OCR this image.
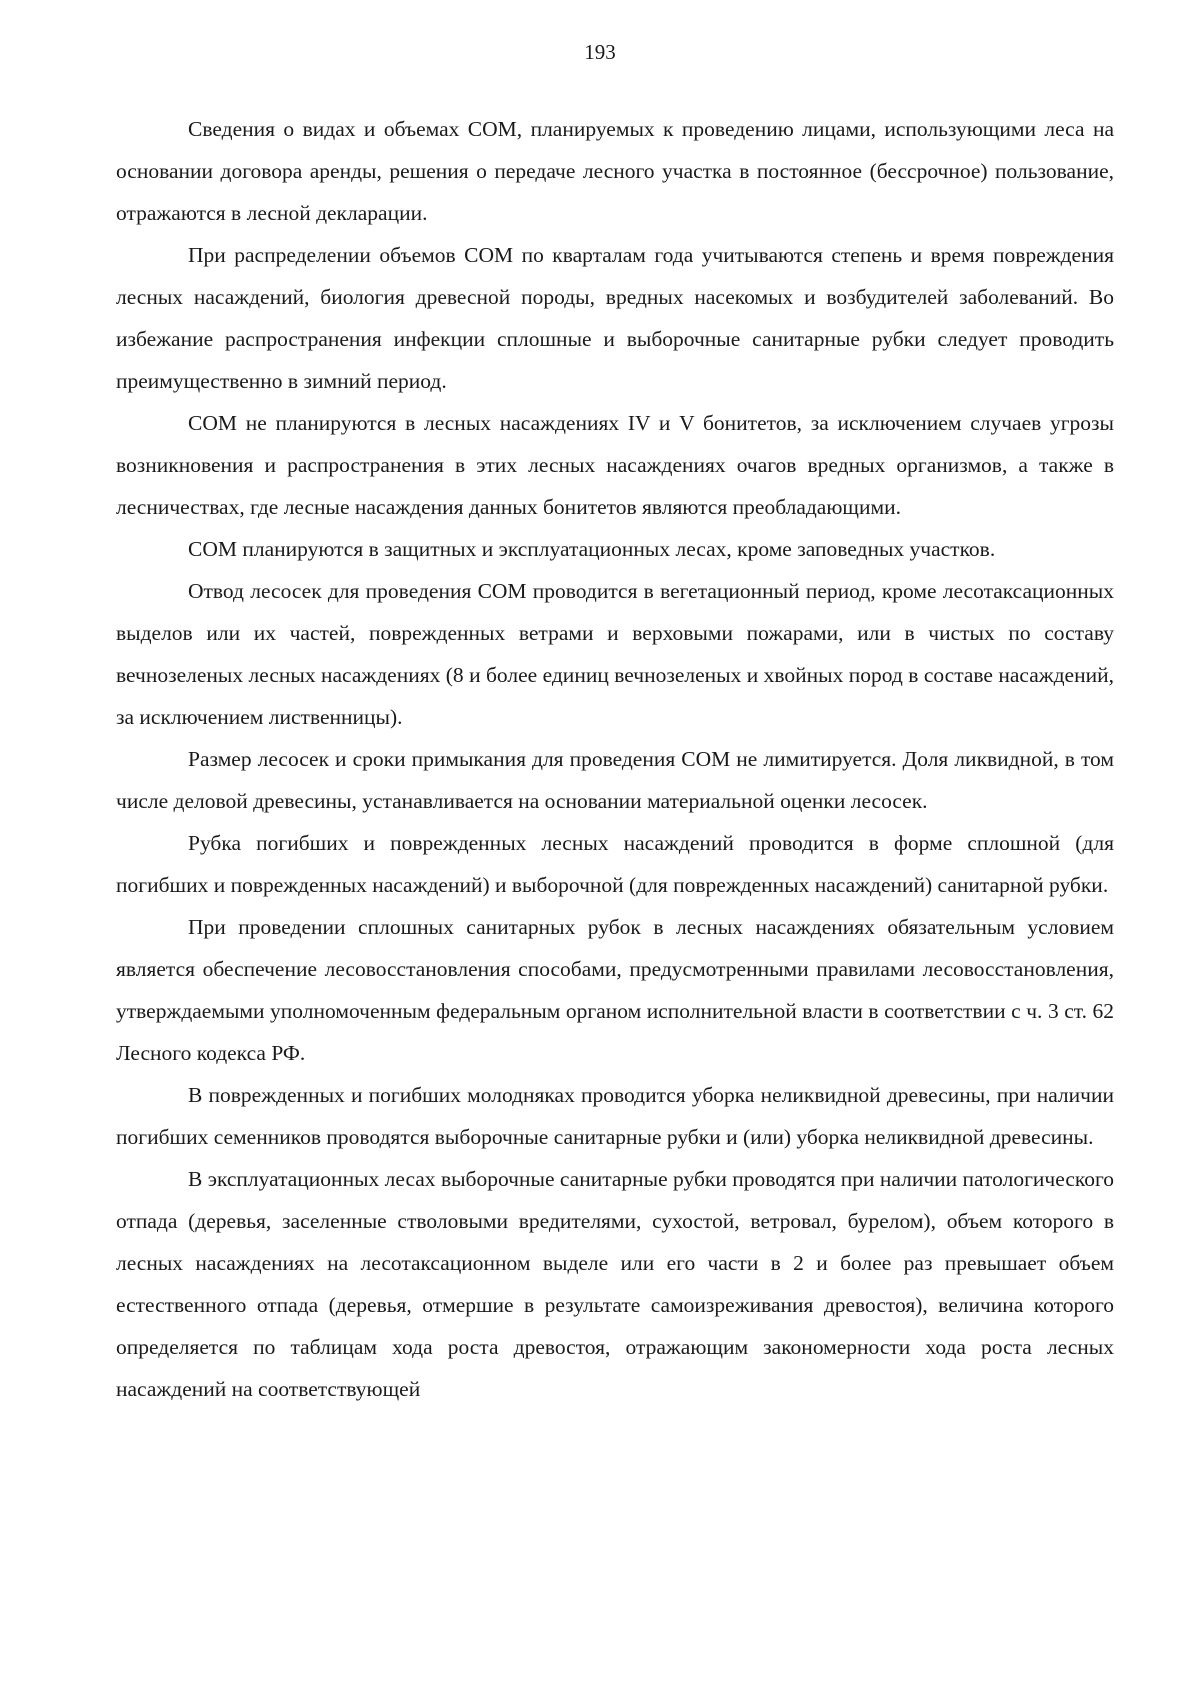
193

Сведения о видах и объемах СОМ, планируемых к проведению лицами, использующими леса на основании договора аренды, решения о передаче лесного участка в постоянное (бессрочное) пользование, отражаются в лесной декларации.

При распределении объемов СОМ по кварталам года учитываются степень и время повреждения лесных насаждений, биология древесной породы, вредных насекомых и возбудителей заболеваний. Во избежание распространения инфекции сплошные и выборочные санитарные рубки следует проводить преимущественно в зимний период.

СОМ не планируются в лесных насаждениях IV и V бонитетов, за исключением случаев угрозы возникновения и распространения в этих лесных насаждениях очагов вредных организмов, а также в лесничествах, где лесные насаждения данных бонитетов являются преобладающими.

СОМ планируются в защитных и эксплуатационных лесах, кроме заповедных участков.

Отвод лесосек для проведения СОМ проводится в вегетационный период, кроме лесотаксационных выделов или их частей, поврежденных ветрами и верховыми пожарами, или в чистых по составу вечнозеленых лесных насаждениях (8 и более единиц вечнозеленых и хвойных пород в составе насаждений, за исключением лиственницы).

Размер лесосек и сроки примыкания для проведения СОМ не лимитируется. Доля ликвидной, в том числе деловой древесины, устанавливается на основании материальной оценки лесосек.

Рубка погибших и поврежденных лесных насаждений проводится в форме сплошной (для погибших и поврежденных насаждений) и выборочной (для поврежденных насаждений) санитарной рубки.

При проведении сплошных санитарных рубок в лесных насаждениях обязательным условием является обеспечение лесовосстановления способами, предусмотренными правилами лесовосстановления, утверждаемыми уполномоченным федеральным органом исполнительной власти в соответствии с ч. 3 ст. 62 Лесного кодекса РФ.

В поврежденных и погибших молодняках проводится уборка неликвидной древесины, при наличии погибших семенников проводятся выборочные санитарные рубки и (или) уборка неликвидной древесины.

В эксплуатационных лесах выборочные санитарные рубки проводятся при наличии патологического отпада (деревья, заселенные стволовыми вредителями, сухостой, ветровал, бурелом), объем которого в лесных насаждениях на лесотаксационном выделе или его части в 2 и более раз превышает объем естественного отпада (деревья, отмершие в результате самоизреживания древостоя), величина которого определяется по таблицам хода роста древостоя, отражающим закономерности хода роста лесных насаждений на соответствующей
